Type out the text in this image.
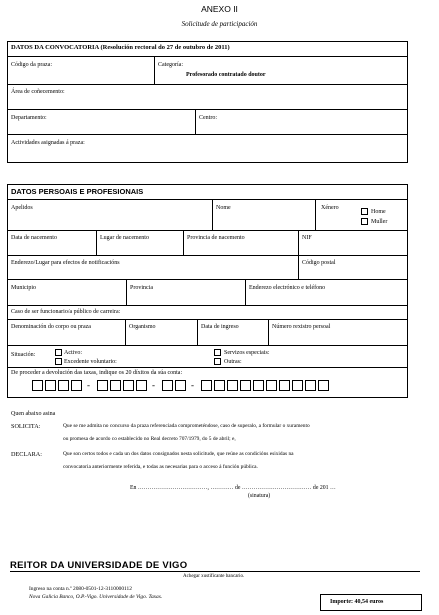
ANEXO II
Solicitude de participación
DATOS DA CONVOCATORIA (Resolución rectoral do 27 de outubro de 2011)
Código da praza:	Categoría:
Profesorado contratado doutor
Área de coñecemento:
Departamento:	Centro:
Actividades asignadas á praza:
DATOS PERSOAIS E PROFESIONAIS
Apelidos	Nome	Xénero
Home
Muller
Data de nacemento	Lugar de nacemento	Provincia de nacemento	NIF
Enderezo/Lugar para efectos de notificacións	Código postal
Municipio	Provincia	Enderezo electrónico e teléfono
Caso de ser funcionario/a público de carreira:
Denominación do corpo ou praza	Organismo	Data de ingreso	Número rexistro persoal
Situación:	Activo:
Excedente voluntario:
Servizos especiais:
Outras:
De proceder a devolución das taxas, indique os 20 díxitos da súa conta:
-	-	-
Quen abaixo asina
SOLICITA:	Que se me admita no concurso da praza referenciada comprometéndose, caso de superalo, a formular o xuramento
ou promesa de acordo co establecido no Real decreto 707/1979, do 5 de abril; e,
DECLARA:	Que son certos todos e cada un dos datos consignados nesta solicitude, que reúne as condicións esixidas na
convocatoria anteriormente referida, e todas as necesarias para o acceso á función pública.
En ………………………………, ………… de ……………………………… de 201 …
(sinatura)
REITOR DA UNIVERSIDADE DE VIGO
Achegar xustificante bancario.
Ingreso na conta n.º 2080-0501-12-3110000112
Nova Galicia Banco, O.P.-Vigo. Universidade de Vigo. Taxas.
Importe: 40,54 euros
